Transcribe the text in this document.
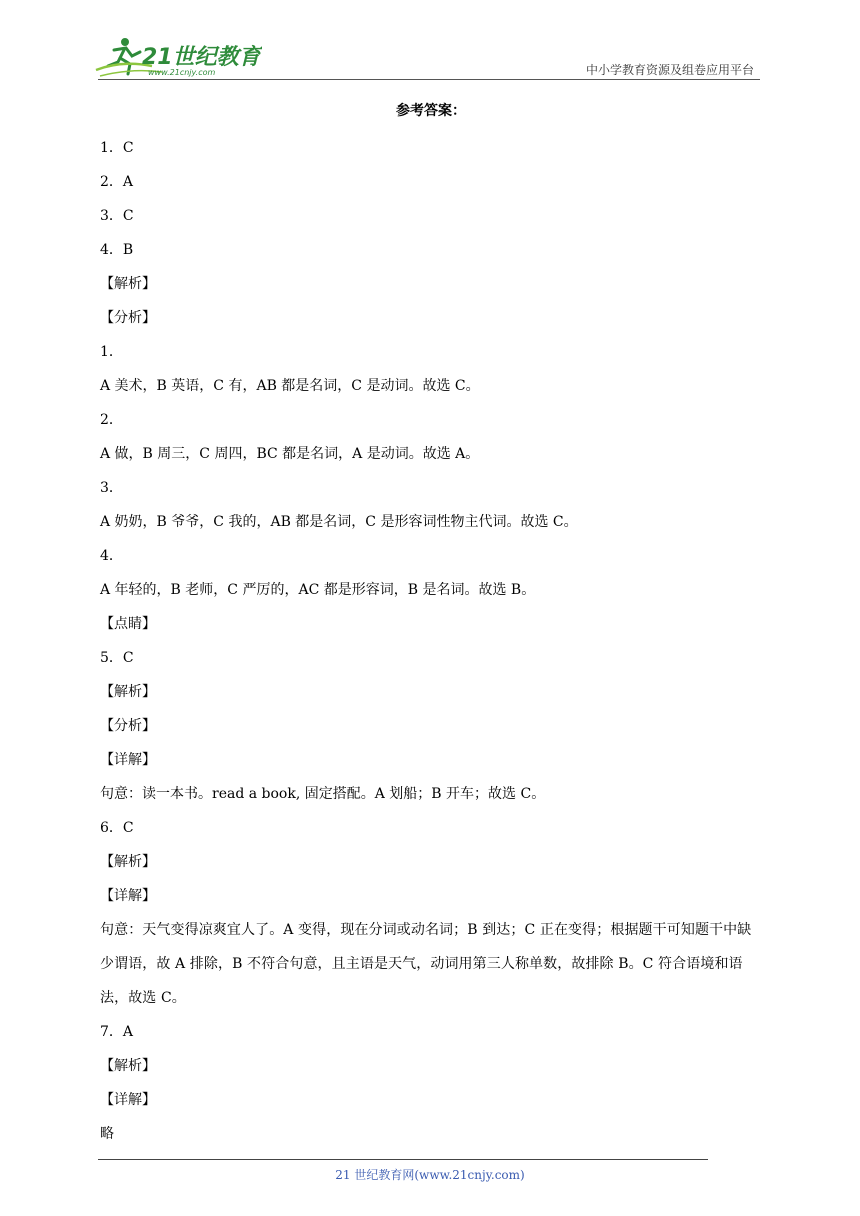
21世纪教育
www.21cnjy.com	中小学教育资源及组卷应用平台
参考答案：
1．C
2．A
3．C
4．B
【解析】
【分析】
1．
A 美术，B 英语，C 有，AB 都是名词，C 是动词。故选 C。
2．
A 做，B 周三，C 周四，BC 都是名词，A 是动词。故选 A。
3．
A 奶奶，B 爷爷，C 我的，AB 都是名词，C 是形容词性物主代词。故选 C。
4．
A 年轻的，B 老师，C 严厉的，AC 都是形容词，B 是名词。故选 B。
【点睛】
5．C
【解析】
【分析】
【详解】
句意：读一本书。read a book, 固定搭配。A 划船；B 开车；故选 C。
6．C
【解析】
【详解】
句意：天气变得凉爽宜人了。A 变得，现在分词或动名词；B 到达；C 正在变得；根据题干可知题干中缺少谓语，故 A 排除，B 不符合句意，且主语是天气，动词用第三人称单数，故排除 B。C 符合语境和语法，故选 C。
7．A
【解析】
【详解】
略
21 世纪教育网(www.21cnjy.com)
